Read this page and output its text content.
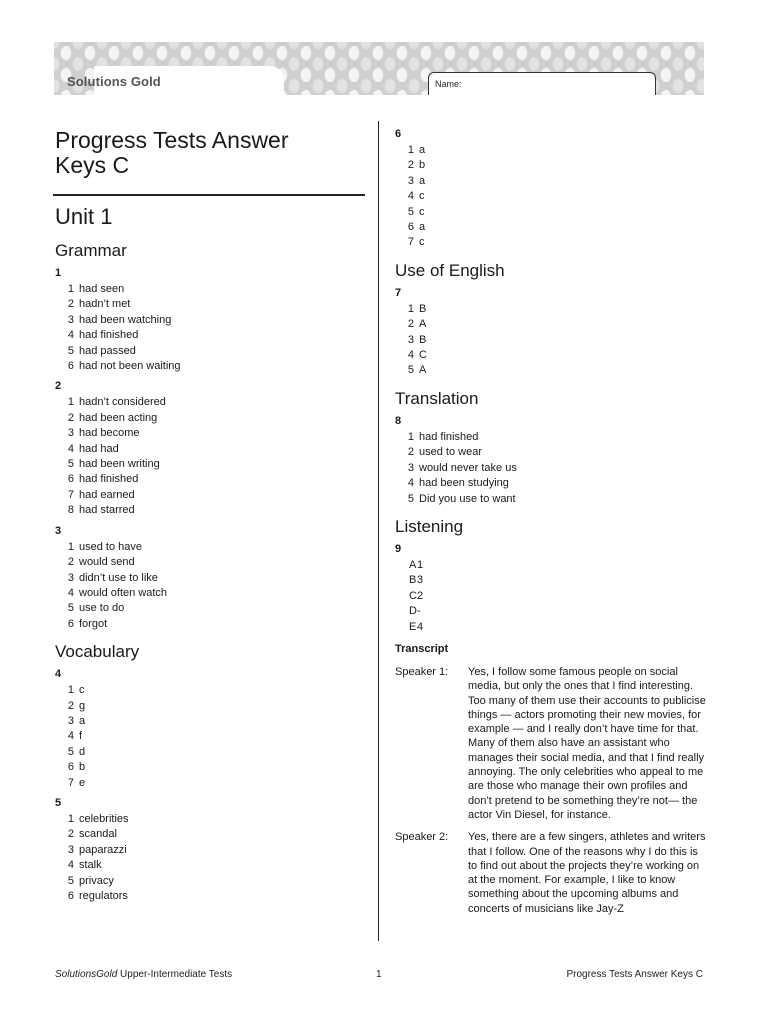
Solutions Gold	Name:
Progress Tests Answer
Keys C
Unit 1
Grammar

1

1 had seen
2 hadn’t met
3 had been watching
4 had finished
5 had passed
6 had not been waiting

2

1 hadn’t considered
2 had been acting
3 had become
4 had had
5 had been writing
6 had finished
7 had earned
8 had starred

3

1 used to have
2 would send
3 didn’t use to like
4 would often watch
5 use to do
6 forgot
Vocabulary

4

1 c
2 g
3 a
4 f
5 d
6 b
7 e

5

1 celebrities
2 scandal
3 paparazzi
4 stalk
5 privacy
6 regulators

6

1 a
2 b
3 a
4 c
5 c
6 a
7 c
Use of English

7

1 B
2 A
3 B
4 C
5 A
Translation

8

1 had finished
2 used to wear
3 would never take us
4 had been studying
5 Did you use to want
Listening

9

A 1
B 3
C 2
D -
E 4

Transcript

Speaker 1:	Yes, I follow some famous people on social media, but only the ones that I find interesting. Too many of them use their accounts to publicise things — actors promoting their new movies, for example — and I really don’t have time for that. Many of them also have an assistant who manages their social media, and that I find really annoying. The only celebrities who appeal to me are those who manage their own profiles and don’t pretend to be something they’re not— the actor Vin Diesel, for instance.
Speaker 2:	Yes, there are a few singers, athletes and writers that I follow. One of the reasons why I do this is to find out about the projects they’re working on at the moment. For example, I like to know something about the upcoming albums and concerts of musicians like Jay-Z
SolutionsGold Upper-Intermediate Tests	1	Progress Tests Answer Keys C
